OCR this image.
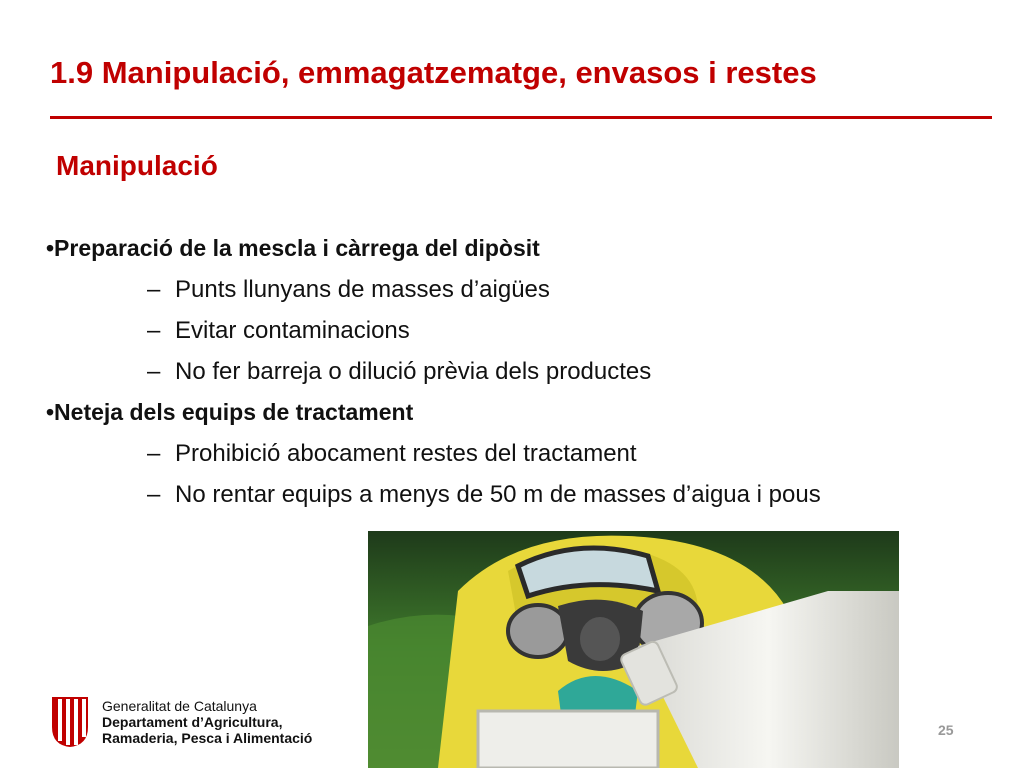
1.9 Manipulació, emmagatzematge, envasos i restes
Manipulació
•Preparació de la mescla i càrrega del dipòsit
– Punts llunyans de masses d’aigües
– Evitar contaminacions
– No fer barreja o dilució prèvia dels productes
•Neteja dels equips de tractament
– Prohibició abocament restes del tractament
– No rentar equips a menys de 50 m de masses d’aigua i pous
Generalitat de Catalunya
Departament d’Agricultura,
Ramaderia, Pesca i Alimentació	25
